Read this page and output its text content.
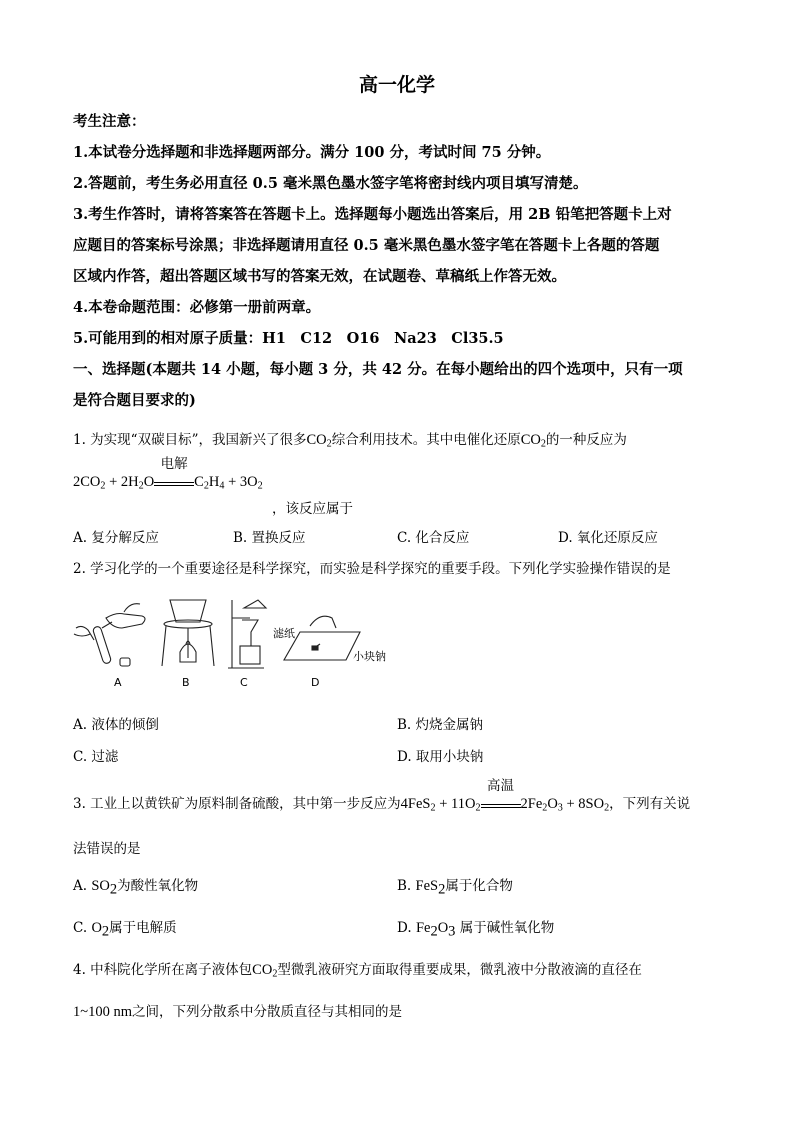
高一化学
考生注意：
1.本试卷分选择题和非选择题两部分。满分 100 分，考试时间 75 分钟。
2.答题前，考生务必用直径 0.5 毫米黑色墨水签字笔将密封线内项目填写清楚。
3.考生作答时，请将答案答在答题卡上。选择题每小题选出答案后，用 2B 铅笔把答题卡上对
应题目的答案标号涂黑；非选择题请用直径 0.5 毫米黑色墨水签字笔在答题卡上各题的答题
区域内作答，超出答题区域书写的答案无效，在试题卷、草稿纸上作答无效。
4.本卷命题范围：必修第一册前两章。
5.可能用到的相对原子质量：H1　C12　O16　Na23　Cl35.5
一、选择题(本题共 14 小题，每小题 3 分，共 42 分。在每小题给出的四个选项中，只有一项
是符合题目要求的)
1. 为实现“双碳目标”，我国新兴了很多$CO_2$综合利用技术。其中电催化还原$CO_2$的一种反应为
$2CO_2 + 2H_2O$
电解
$C_2H_4 + 3O_2$
，该反应属于
A. 复分解反应	B. 置换反应	C. 化合反应	D. 氧化还原反应
2. 学习化学的一个重要途径是科学探究，而实验是科学探究的重要手段。下列化学实验操作错误的是
滤纸
小块钠
A	B	C	D
A. 液体的倾倒	B. 灼烧金属钠
C. 过滤	D. 取用小块钠
3. 工业上以黄铁矿为原料制备硫酸，其中第一步反应为$4FeS_2 + 11O_2$
高温
$2Fe_2O_3 + 8SO_2$，下列有关说
法错误的是
A. $SO_2$为酸性氧化物	B. FeS$_2$属于化合物
C. $O_2$属于电解质	D. $Fe_2O_3$ 属于碱性氧化物
4. 中科院化学所在离子液体包$CO_2$型微乳液研究方面取得重要成果，微乳液中分散液滴的直径在
1~100 nm之间，下列分散系中分散质直径与其相同的是
